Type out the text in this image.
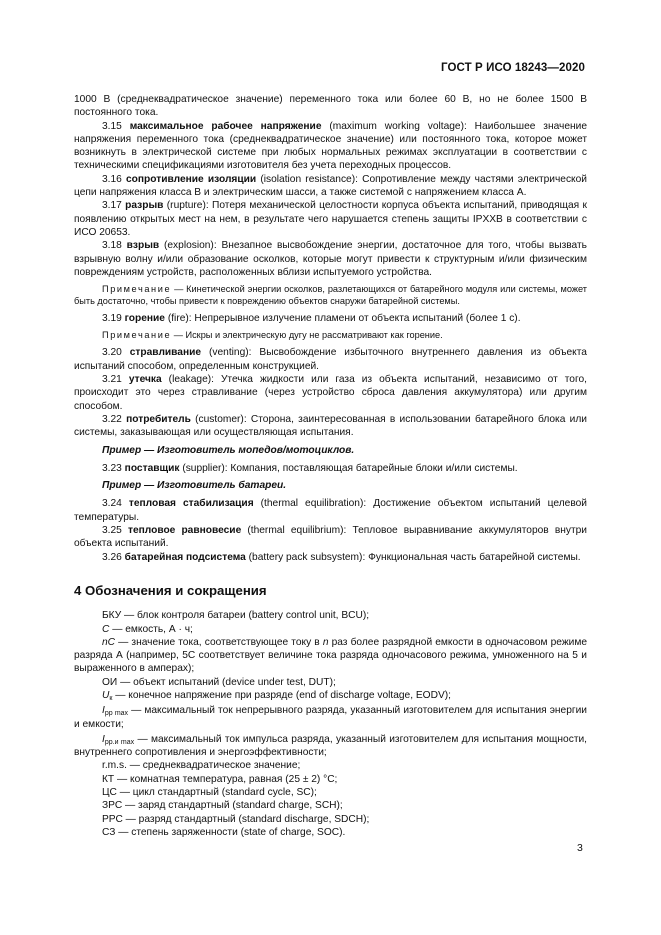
ГОСТ Р ИСО 18243—2020

1000 В (среднеквадратическое значение) переменного тока или более 60 В, но не более 1500 В постоянного тока.

3.15 максимальное рабочее напряжение (maximum working voltage): Наибольшее значение напряжения переменного тока (среднеквадратическое значение) или постоянного тока, которое может возникнуть в электрической системе при любых нормальных режимах эксплуатации в соответствии с техническими спецификациями изготовителя без учета переходных процессов.

3.16 сопротивление изоляции (isolation resistance): Сопротивление между частями электрической цепи напряжения класса В и электрическим шасси, а также системой с напряжением класса А.

3.17 разрыв (rupture): Потеря механической целостности корпуса объекта испытаний, приводящая к появлению открытых мест на нем, в результате чего нарушается степень защиты IPXXB в соответствии с ИСО 20653.

3.18 взрыв (explosion): Внезапное высвобождение энергии, достаточное для того, чтобы вызвать взрывную волну и/или образование осколков, которые могут привести к структурным и/или физическим повреждениям устройств, расположенных вблизи испытуемого устройства.

Примечание — Кинетической энергии осколков, разлетающихся от батарейного модуля или системы, может быть достаточно, чтобы привести к повреждению объектов снаружи батарейной системы.

3.19 горение (fire): Непрерывное излучение пламени от объекта испытаний (более 1 с).

Примечание — Искры и электрическую дугу не рассматривают как горение.

3.20 стравливание (venting): Высвобождение избыточного внутреннего давления из объекта испытаний способом, определенным конструкцией.

3.21 утечка (leakage): Утечка жидкости или газа из объекта испытаний, независимо от того, происходит это через стравливание (через устройство сброса давления аккумулятора) или другим способом.

3.22 потребитель (customer): Сторона, заинтересованная в использовании батарейного блока или системы, заказывающая или осуществляющая испытания.

Пример — Изготовитель мопедов/мотоциклов.

3.23 поставщик (supplier): Компания, поставляющая батарейные блоки и/или системы.

Пример — Изготовитель батареи.

3.24 тепловая стабилизация (thermal equilibration): Достижение объектом испытаний целевой температуры.

3.25 тепловое равновесие (thermal equilibrium): Тепловое выравнивание аккумуляторов внутри объекта испытаний.

3.26 батарейная подсистема (battery pack subsystem): Функциональная часть батарейной системы.

4 Обозначения и сокращения

БКУ — блок контроля батареи (battery control unit, BCU);

C — емкость, А · ч;

nC — значение тока, соответствующее току в n раз более разрядной емкости в одночасовом режиме разряда А (например, 5C соответствует величине тока разряда одночасового режима, умноженного на 5 и выраженного в амперах);

ОИ — объект испытаний (device under test, DUT);

$U_к$ — конечное напряжение при разряде (end of discharge voltage, EODV);

$I_{pp max}$ — максимальный ток непрерывного разряда, указанный изготовителем для испытания энергии и емкости;

$I_{pp.и max}$ — максимальный ток импульса разряда, указанный изготовителем для испытания мощности, внутреннего сопротивления и энергоэффективности;

r.m.s. — среднеквадратическое значение;

КТ — комнатная температура, равная (25 ± 2) °С;

ЦС — цикл стандартный (standard cycle, SC);

ЗРС — заряд стандартный (standard charge, SCH);

РРС — разряд стандартный (standard discharge, SDCH);

СЗ — степень заряженности (state of charge, SOC).

3
